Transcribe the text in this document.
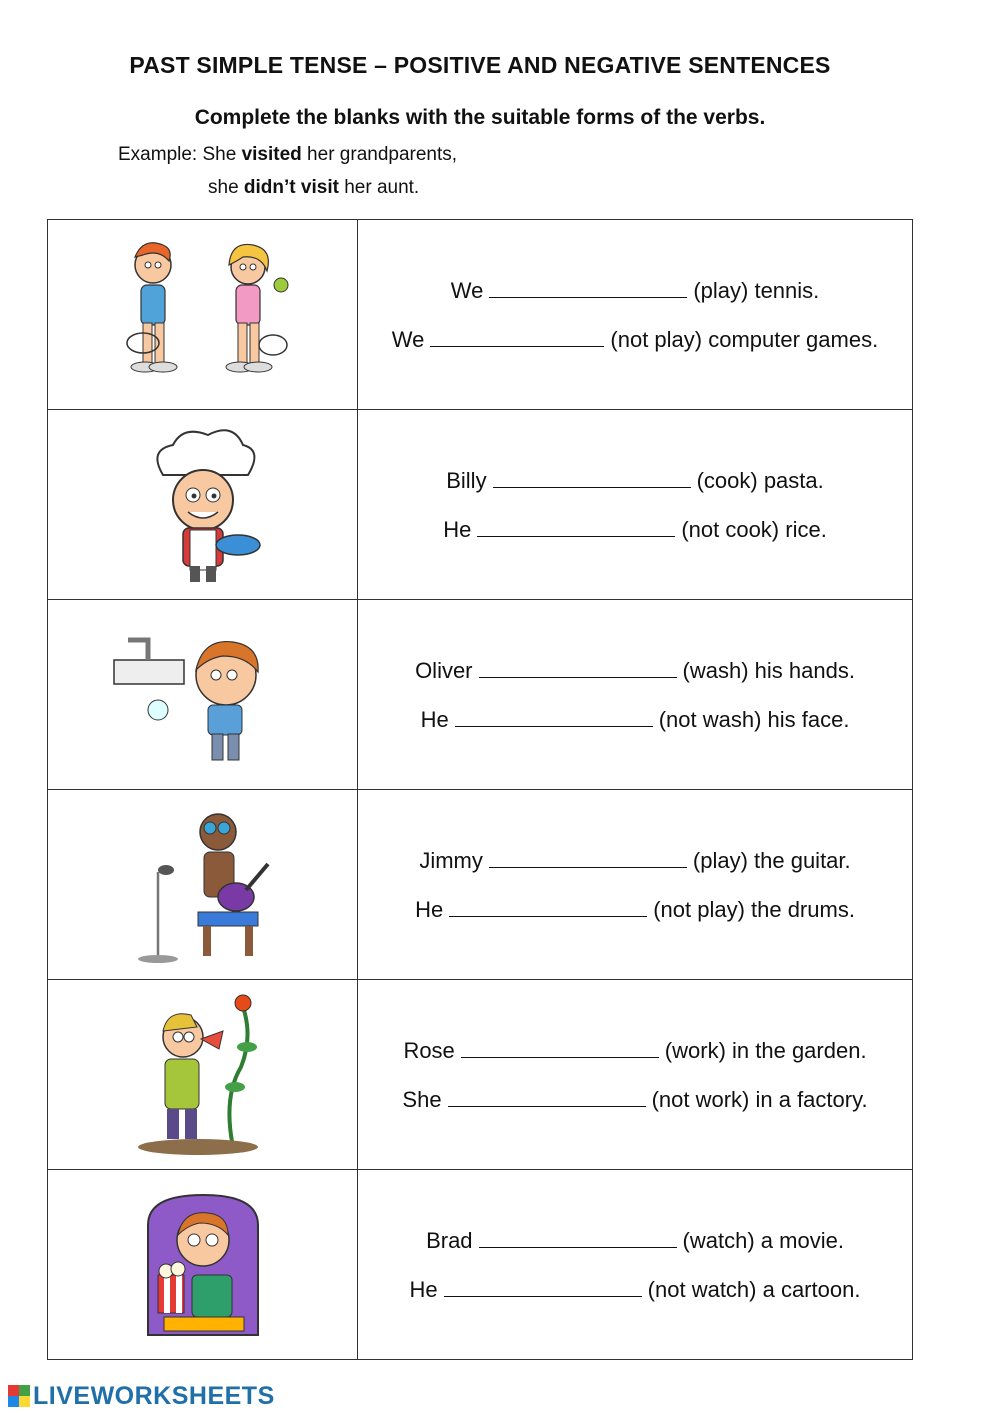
PAST SIMPLE TENSE – POSITIVE AND NEGATIVE SENTENCES
Complete the blanks with the suitable forms of the verbs.
Example: She visited her grandparents,
she didn’t visit her aunt.

We (play) tennis.
We (not play) computer games.

Billy (cook) pasta.
He (not cook) rice.

Oliver (wash) his hands.
He (not wash) his face.

Jimmy (play) the guitar.
He (not play) the drums.

Rose (work) in the garden.
She (not work) in a factory.

Brad (watch) a movie.
He (not watch) a cartoon.
LIVEWORKSHEETS
